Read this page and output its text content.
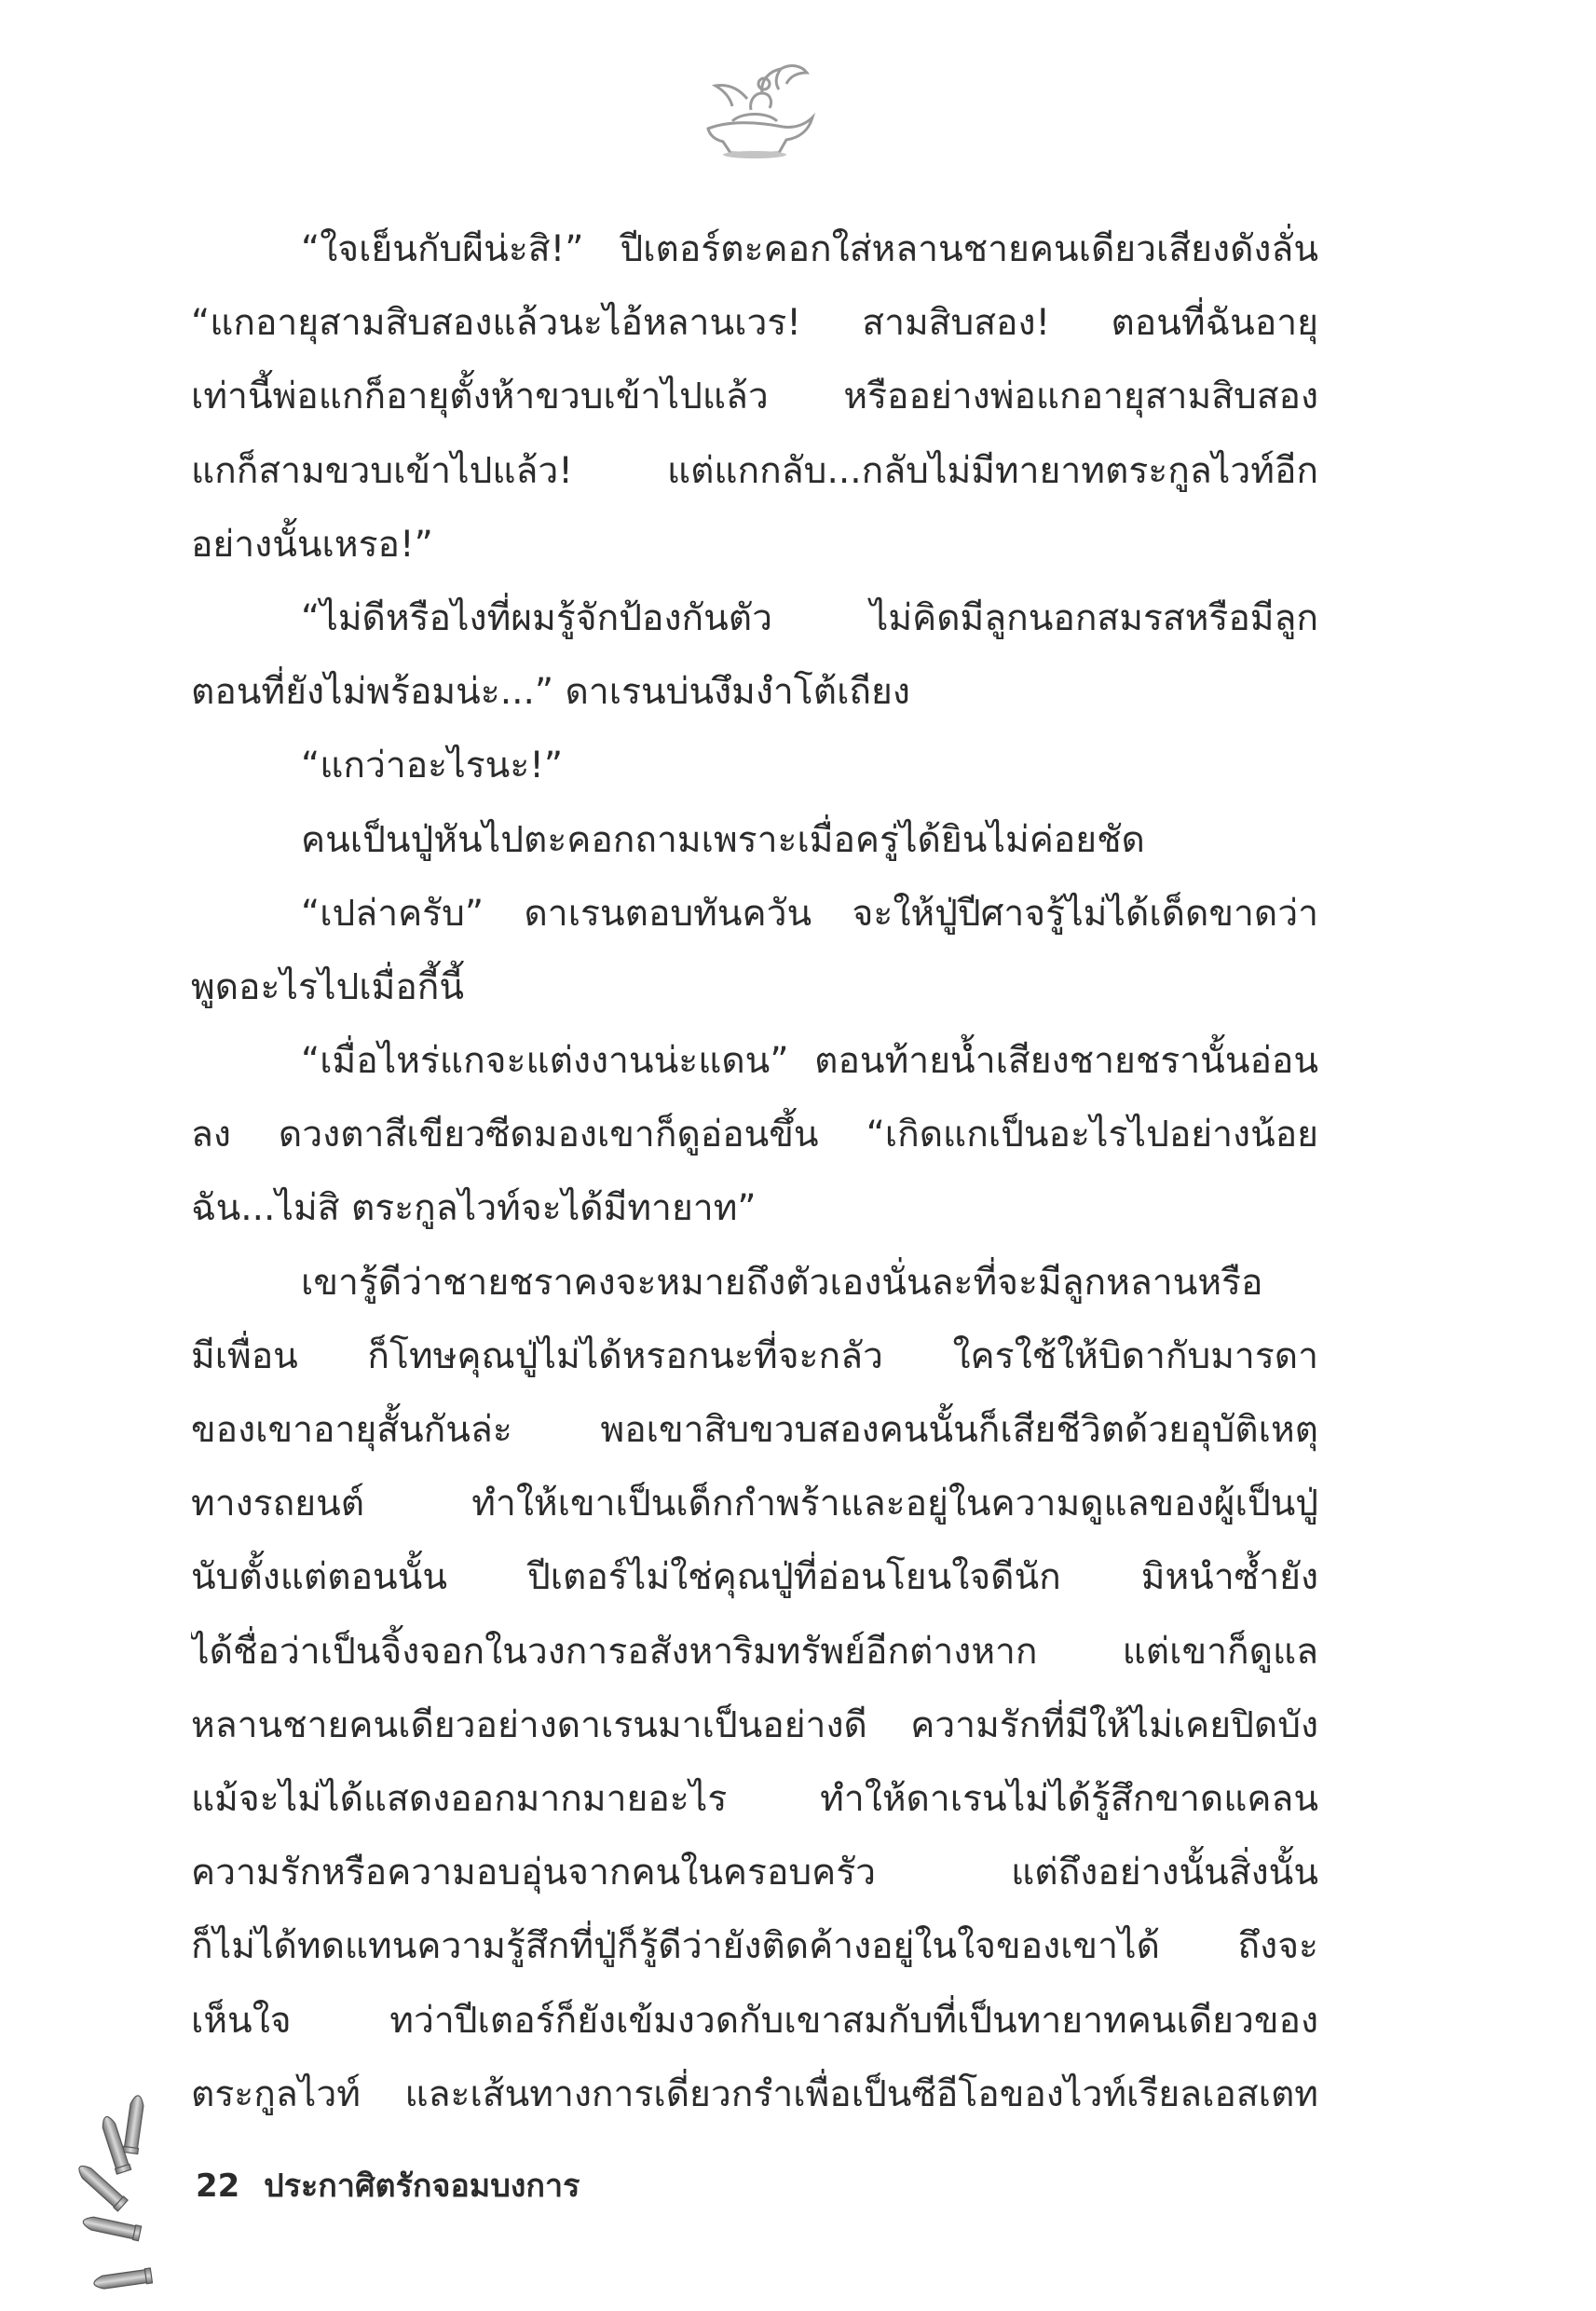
“ใจเย็นกับผีน่ะสิ!” ปีเตอร์ตะคอกใส่หลานชายคนเดียวเสียงดังลั่น
“แกอายุสามสิบสองแล้วนะไอ้หลานเวร! สามสิบสอง! ตอนที่ฉันอายุ
เท่านี้พ่อแกก็อายุตั้งห้าขวบเข้าไปแล้ว หรืออย่างพ่อแกอายุสามสิบสอง
แกก็สามขวบเข้าไปแล้ว! แต่แกกลับ...กลับไม่มีทายาทตระกูลไวท์อีก
อย่างนั้นเหรอ!”
“ไม่ดีหรือไงที่ผมรู้จักป้องกันตัว ไม่คิดมีลูกนอกสมรสหรือมีลูก
ตอนที่ยังไม่พร้อมน่ะ...” ดาเรนบ่นงึมงำโต้เถียง
“แกว่าอะไรนะ!”
คนเป็นปู่หันไปตะคอกถามเพราะเมื่อครู่ได้ยินไม่ค่อยชัด
“เปล่าครับ” ดาเรนตอบทันควัน จะให้ปู่ปีศาจรู้ไม่ได้เด็ดขาดว่า
พูดอะไรไปเมื่อกี้นี้
“เมื่อไหร่แกจะแต่งงานน่ะแดน” ตอนท้ายน้ำเสียงชายชรานั้นอ่อน
ลง ดวงตาสีเขียวซีดมองเขาก็ดูอ่อนขึ้น “เกิดแกเป็นอะไรไปอย่างน้อย
ฉัน...ไม่สิ ตระกูลไวท์จะได้มีทายาท”
เขารู้ดีว่าชายชราคงจะหมายถึงตัวเองนั่นละที่จะมีลูกหลานหรือ
มีเพื่อน ก็โทษคุณปู่ไม่ได้หรอกนะที่จะกลัว ใครใช้ให้บิดากับมารดา
ของเขาอายุสั้นกันล่ะ พอเขาสิบขวบสองคนนั้นก็เสียชีวิตด้วยอุบัติเหตุ
ทางรถยนต์ ทำให้เขาเป็นเด็กกำพร้าและอยู่ในความดูแลของผู้เป็นปู่
นับตั้งแต่ตอนนั้น ปีเตอร์ไม่ใช่คุณปู่ที่อ่อนโยนใจดีนัก มิหนำซ้ำยัง
ได้ชื่อว่าเป็นจิ้งจอกในวงการอสังหาริมทรัพย์อีกต่างหาก แต่เขาก็ดูแล
หลานชายคนเดียวอย่างดาเรนมาเป็นอย่างดี ความรักที่มีให้ไม่เคยปิดบัง
แม้จะไม่ได้แสดงออกมากมายอะไร ทำให้ดาเรนไม่ได้รู้สึกขาดแคลน
ความรักหรือความอบอุ่นจากคนในครอบครัว แต่ถึงอย่างนั้นสิ่งนั้น
ก็ไม่ได้ทดแทนความรู้สึกที่ปู่ก็รู้ดีว่ายังติดค้างอยู่ในใจของเขาได้ ถึงจะ
เห็นใจ ทว่าปีเตอร์ก็ยังเข้มงวดกับเขาสมกับที่เป็นทายาทคนเดียวของ
ตระกูลไวท์ และเส้นทางการเดี่ยวกรำเพื่อเป็นซีอีโอของไวท์เรียลเอสเตท
22 ประกาศิตรักจอมบงการ
